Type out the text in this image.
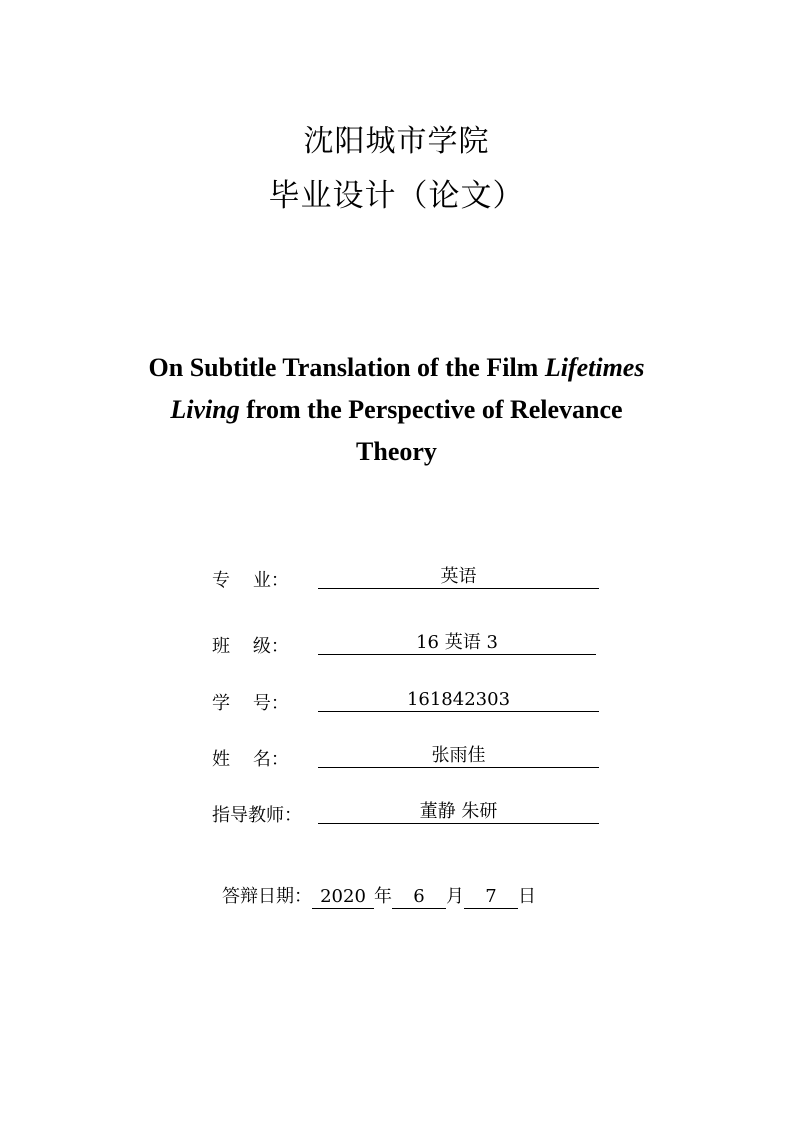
沈阳城市学院
毕业设计（论文）
On Subtitle Translation of the Film Lifetimes
Living from the Perspective of Relevance
Theory
专    业：	英语
班    级：	16 英语 3
学    号：	161842303
姓    名：	张雨佳
指导教师：	董静 朱研
答辩日期： 2020 年 6 月 7 日
